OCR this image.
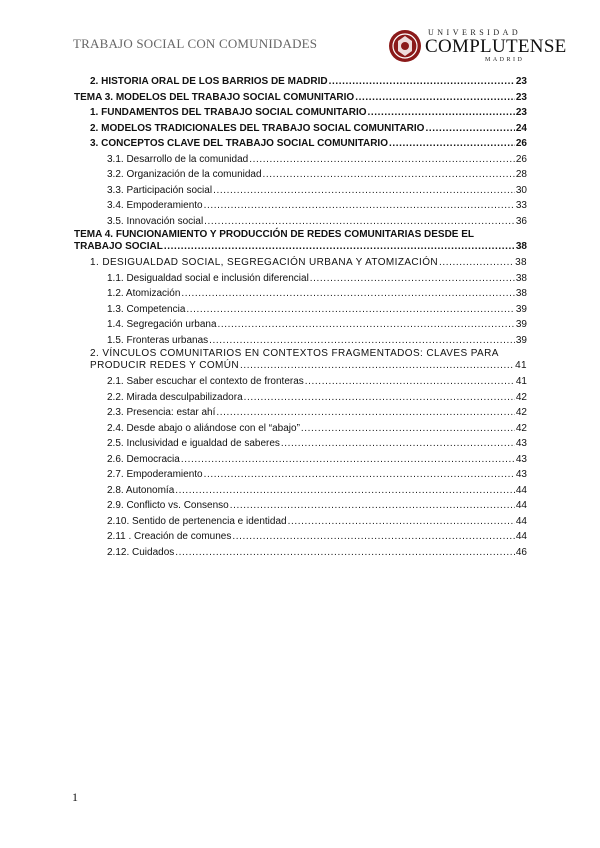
TRABAJO SOCIAL CON COMUNIDADES
UNIVERSIDAD
COMPLUTENSE
MADRID
2. HISTORIA ORAL DE LOS BARRIOS DE MADRID .....	23
TEMA 3. MODELOS DEL TRABAJO SOCIAL COMUNITARIO .....	23
1. FUNDAMENTOS DEL TRABAJO SOCIAL COMUNITARIO .....	23
2. MODELOS TRADICIONALES DEL TRABAJO SOCIAL COMUNITARIO .....	24
3. CONCEPTOS CLAVE DEL TRABAJO SOCIAL COMUNITARIO .....	26
3.1. Desarrollo de la comunidad .....	26
3.2. Organización de la comunidad .....	28
3.3. Participación social .....	30
3.4. Empoderamiento .....	33
3.5. Innovación social .....	36
TEMA 4. FUNCIONAMIENTO Y PRODUCCIÓN DE REDES COMUNITARIAS DESDE EL
TRABAJO SOCIAL .....	38
1. DESIGUALDAD SOCIAL, SEGREGACIÓN URBANA Y ATOMIZACIÓN .....	38
1.1. Desigualdad social e inclusión diferencial .....	38
1.2. Atomización .....	38
1.3. Competencia .....	39
1.4. Segregación urbana .....	39
1.5. Fronteras urbanas .....	39
2. VÍNCULOS COMUNITARIOS EN CONTEXTOS FRAGMENTADOS: CLAVES PARA
PRODUCIR REDES Y COMÚN .....	41
2.1. Saber escuchar el contexto de fronteras .....	41
2.2. Mirada desculpabilizadora .....	42
2.3. Presencia: estar ahí .....	42
2.4. Desde abajo o aliándose con el “abajo” .....	42
2.5. Inclusividad e igualdad de saberes .....	43
2.6. Democracia .....	43
2.7. Empoderamiento .....	43
2.8. Autonomía .....	44
2.9. Conflicto vs. Consenso .....	44
2.10. Sentido de pertenencia e identidad .....	44
2.11 . Creación de comunes .....	44
2.12. Cuidados .....	46
1
